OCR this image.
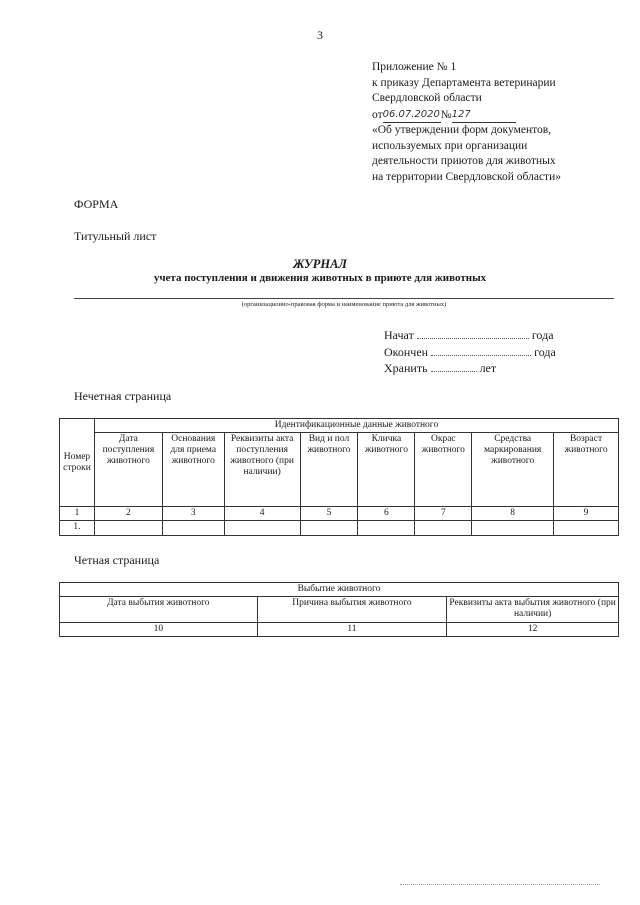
3
Приложение № 1
к приказу Департамента ветеринарии
Свердловской области
от06.07.2020№127
«Об утверждении форм документов,
используемых при организации
деятельности приютов для животных
на территории Свердловской области»
ФОРМА
Титульный лист
ЖУРНАЛ
учета поступления и движения животных в приюте для животных
(организационно-правовая форма и наименование приюта для животных)
Начат	года
Окончен	года
Хранить	лет
Нечетная страница
Номер строки	Идентификационные данные животного							
	Дата поступления животного	Основания для приема животного	Реквизиты акта поступления животного (при наличии)	Вид и пол животного	Кличка животного	Окрас животного	Средства маркирования животного	Возраст животного
1	2	3	4	5	6	7	8	9
1.								
Четная страница
Выбытие животного		
Дата выбытия животного	Причина выбытия животного	Реквизиты акта выбытия животного (при наличии)
10	11	12
